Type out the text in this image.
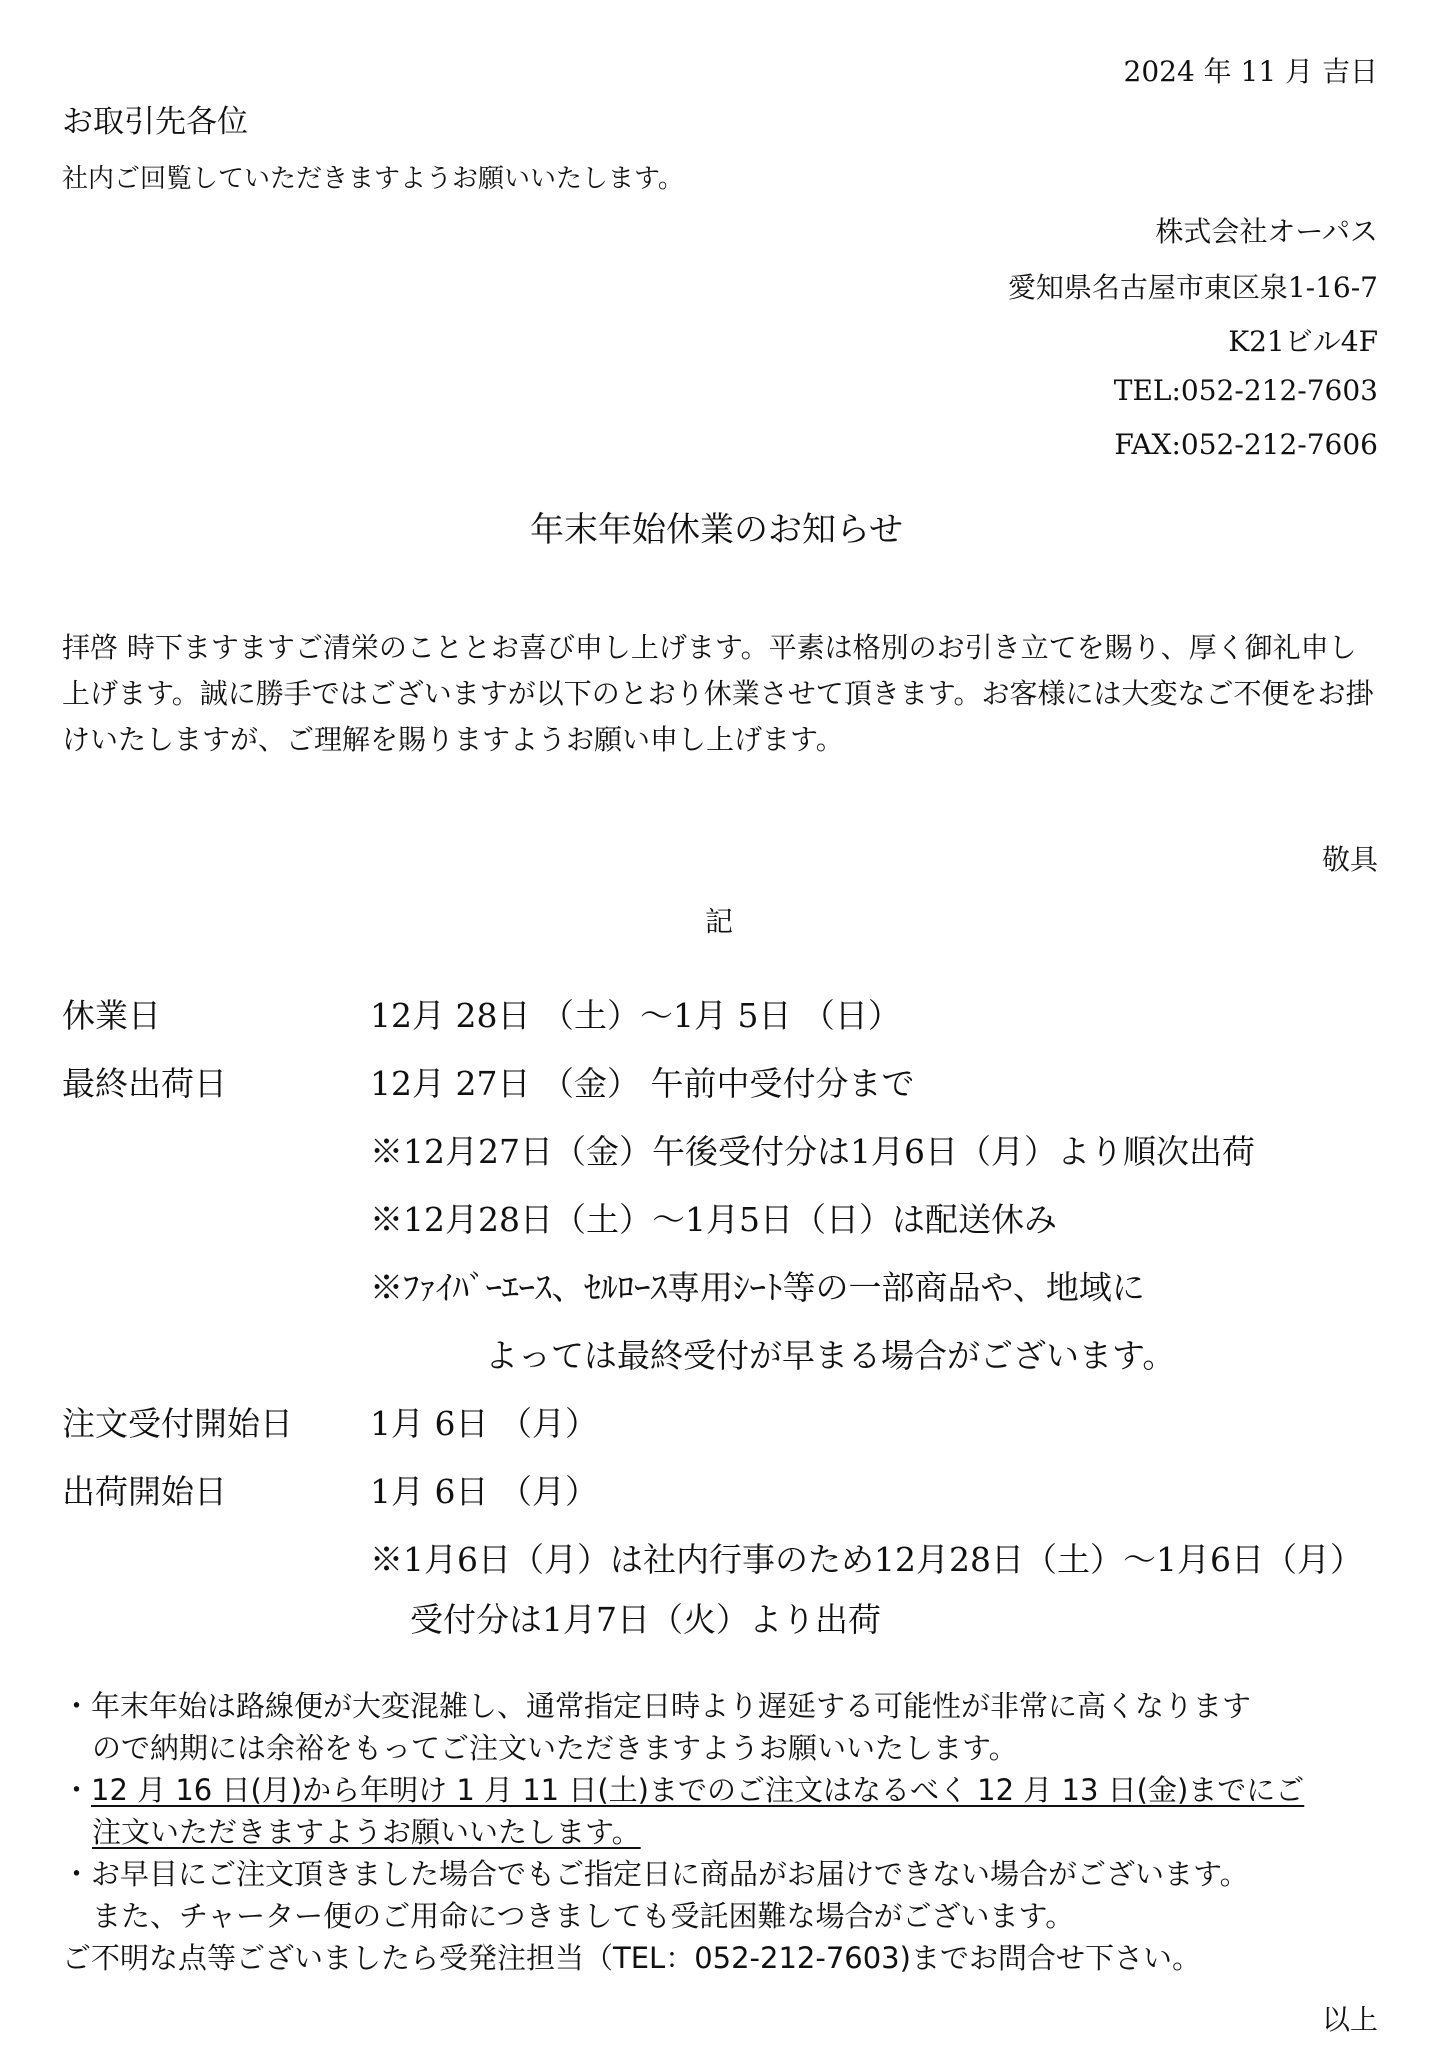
2024 年 11 月 吉日
お取引先各位
社内ご回覧していただきますようお願いいたします。
株式会社オーパス
愛知県名古屋市東区泉1-16-7
K21ビル4F
TEL:052-212-7603
FAX:052-212-7606
年末年始休業のお知らせ
拝啓 時下ますますご清栄のこととお喜び申し上げます。平素は格別のお引き立てを賜り、厚く御礼申し上げます。誠に勝手ではございますが以下のとおり休業させて頂きます。お客様には大変なご不便をお掛けいたしますが、ご理解を賜りますようお願い申し上げます。
敬具
記
休業日	12月 28日 （土）～1月 5日 （日）
最終出荷日	12月 27日 （金） 午前中受付分まで
※12月27日（金）午後受付分は1月6日（月）より順次出荷
※12月28日（土）～1月5日（日）は配送休み
※ﾌｧｲﾊﾞｰｴｰｽ、ｾﾙﾛｰｽ専用ｼｰﾄ等の一部商品や、地域に
よっては最終受付が早まる場合がございます。
注文受付開始日 1月 6日 （月）
出荷開始日	1月 6日 （月）
※1月6日（月）は社内行事のため12月28日（土）～1月6日（月）
受付分は1月7日（火）より出荷
・年末年始は路線便が大変混雑し、通常指定日時より遅延する可能性が非常に高くなります
ので納期には余裕をもってご注文いただきますようお願いいたします。
・12 月 16 日(月)から年明け 1 月 11 日(土)までのご注文はなるべく 12 月 13 日(金)までにご
注文いただきますようお願いいたします。
・お早目にご注文頂きました場合でもご指定日に商品がお届けできない場合がございます。
また、チャーター便のご用命につきましても受託困難な場合がございます。
ご不明な点等ございましたら受発注担当（TEL：052-212-7603)までお問合せ下さい。
以上
